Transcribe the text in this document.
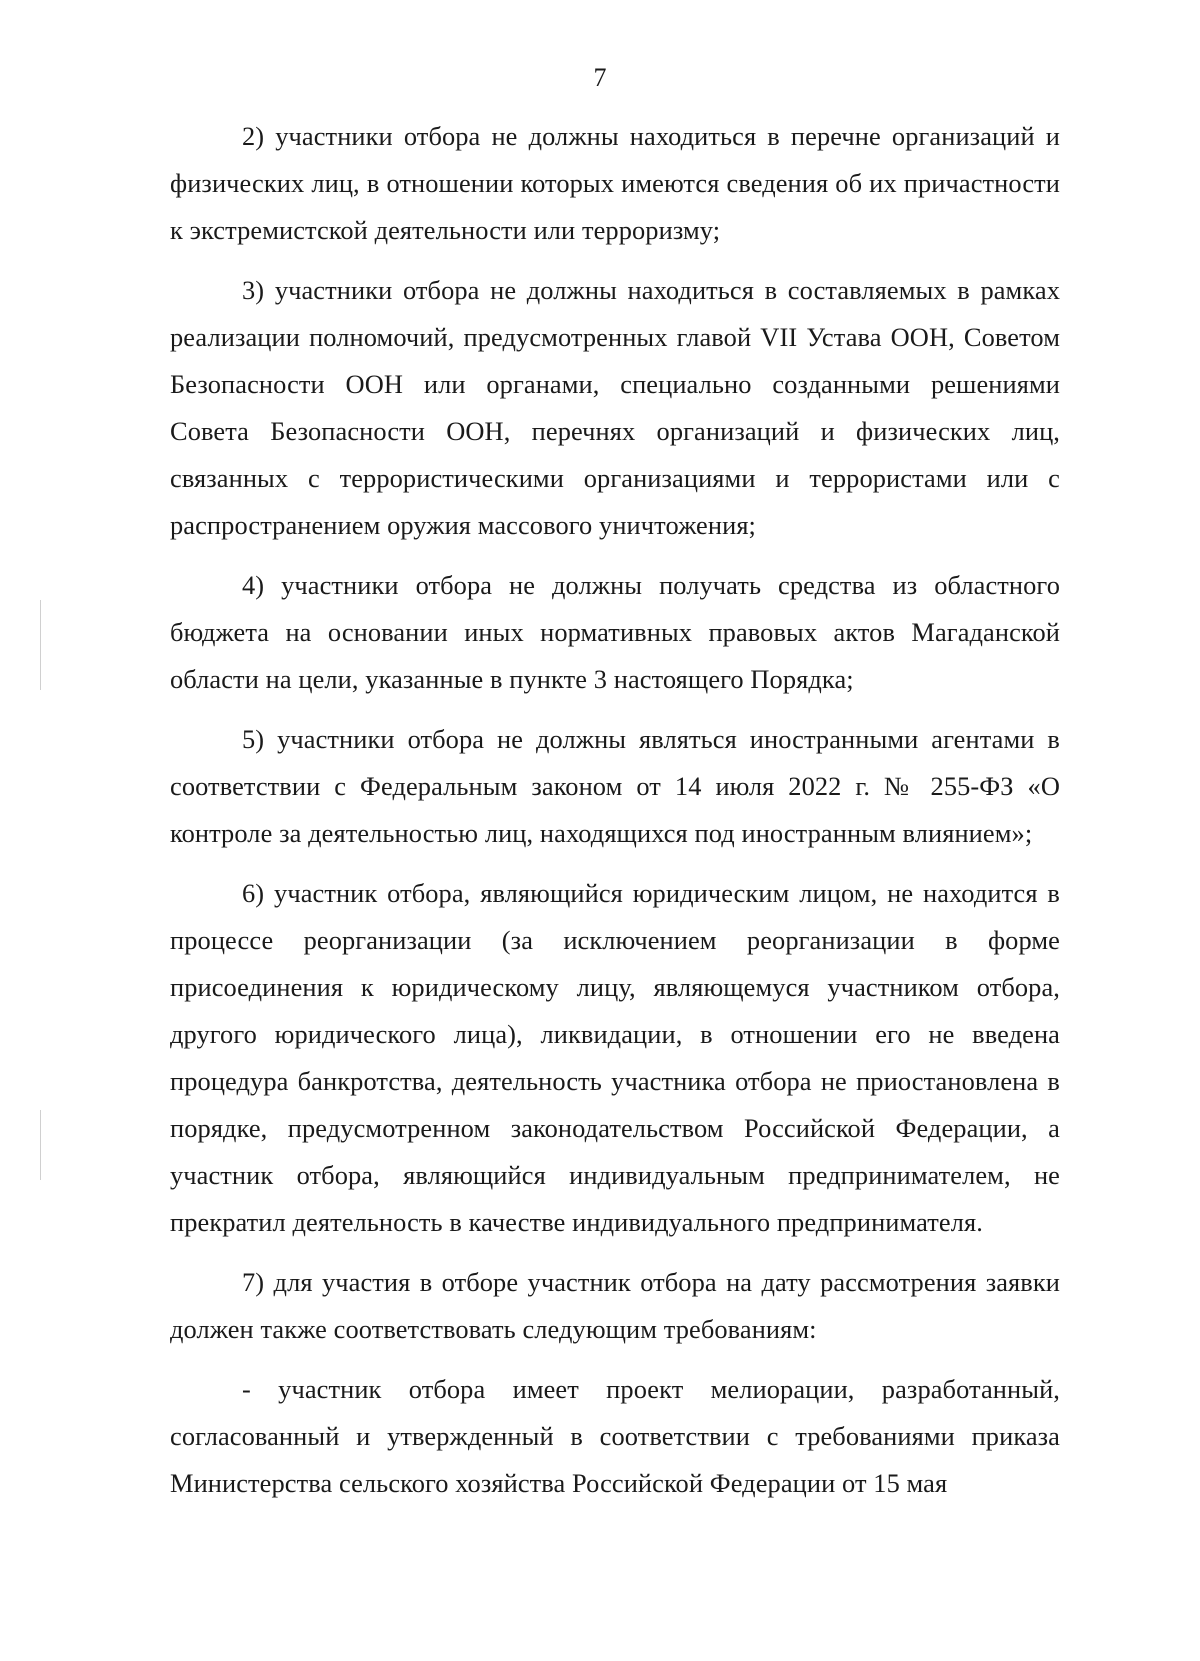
7

2) участники отбора не должны находиться в перечне организаций и физических лиц, в отношении которых имеются сведения об их причастности к экстремистской деятельности или терроризму;

3) участники отбора не должны находиться в составляемых в рамках реализации полномочий, предусмотренных главой VII Устава ООН, Советом Безопасности ООН или органами, специально созданными решениями Совета Безопасности ООН, перечнях организаций и физических лиц, связанных с террористическими организациями и террористами или с распространением оружия массового уничтожения;

4) участники отбора не должны получать средства из областного бюджета на основании иных нормативных правовых актов Магаданской области на цели, указанные в пункте 3 настоящего Порядка;

5) участники отбора не должны являться иностранными агентами в соответствии с Федеральным законом от 14 июля 2022 г. № 255-ФЗ «О контроле за деятельностью лиц, находящихся под иностранным влиянием»;

6) участник отбора, являющийся юридическим лицом, не находится в процессе реорганизации (за исключением реорганизации в форме присоединения к юридическому лицу, являющемуся участником отбора, другого юридического лица), ликвидации, в отношении его не введена процедура банкротства, деятельность участника отбора не приостановлена в порядке, предусмотренном законодательством Российской Федерации, а участник отбора, являющийся индивидуальным предпринимателем, не прекратил деятельность в качестве индивидуального предпринимателя.

7) для участия в отборе участник отбора на дату рассмотрения заявки должен также соответствовать следующим требованиям:

- участник отбора имеет проект мелиорации, разработанный, согласованный и утвержденный в соответствии с требованиями приказа Министерства сельского хозяйства Российской Федерации от 15 мая
